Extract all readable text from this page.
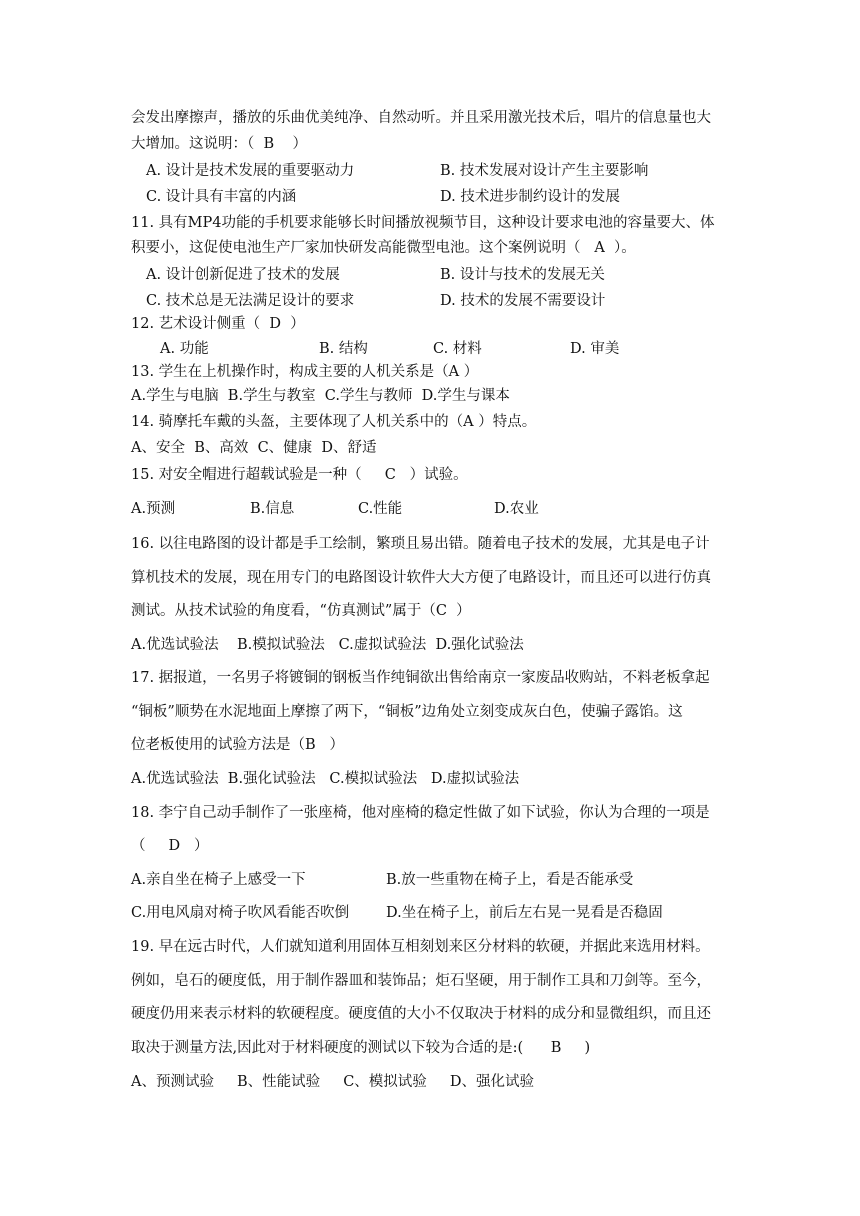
会发出摩擦声，播放的乐曲优美纯净、自然动听。并且采用激光技术后，唱片的信息量也大
大增加。这说明：（  B    ）
A. 设计是技术发展的重要驱动力	B. 技术发展对设计产生主要影响
C. 设计具有丰富的内涵	D. 技术进步制约设计的发展
11. 具有MP4功能的手机要求能够长时间播放视频节目，这种设计要求电池的容量要大、体
积要小，这促使电池生产厂家加快研发高能微型电池。这个案例说明（   A  ）。
A. 设计创新促进了技术的发展	B. 设计与技术的发展无关
C. 技术总是无法满足设计的要求	D. 技术的发展不需要设计
12. 艺术设计侧重（  D  ）
A. 功能	B. 结构	C. 材料	D. 审美
13. 学生在上机操作时，构成主要的人机关系是（A ）
A.学生与电脑  B.学生与教室  C.学生与教师  D.学生与课本
14. 骑摩托车戴的头盔，主要体现了人机关系中的（A ）特点。
A、安全  B、高效  C、健康  D、舒适
15. 对安全帽进行超载试验是一种（     C   ）试验。
A.预测	B.信息	C.性能	D.农业
16. 以往电路图的设计都是手工绘制，繁琐且易出错。随着电子技术的发展，尤其是电子计
算机技术的发展，现在用专门的电路图设计软件大大方便了电路设计，而且还可以进行仿真
测试。从技术试验的角度看，“仿真测试”属于（C  ）
A.优选试验法    B.模拟试验法   C.虚拟试验法  D.强化试验法
17. 据报道，一名男子将镀铜的钢板当作纯铜欲出售给南京一家废品收购站，不料老板拿起
“铜板”顺势在水泥地面上摩擦了两下，“铜板”边角处立刻变成灰白色，使骗子露馅。这
位老板使用的试验方法是（B   ）
A.优选试验法  B.强化试验法   C.模拟试验法   D.虚拟试验法
18. 李宁自己动手制作了一张座椅，他对座椅的稳定性做了如下试验，你认为合理的一项是
（     D   ）
A.亲自坐在椅子上感受一下	B.放一些重物在椅子上，看是否能承受
C.用电风扇对椅子吹风看能否吹倒	D.坐在椅子上，前后左右晃一晃看是否稳固
19. 早在远古时代，人们就知道利用固体互相刻划来区分材料的软硬，并据此来选用材料。
例如，皂石的硬度低，用于制作器皿和装饰品；炬石坚硬，用于制作工具和刀剑等。至今，
硬度仍用来表示材料的软硬程度。硬度值的大小不仅取决于材料的成分和显微组织，而且还
取决于测量方法,因此对于材料硬度的测试以下较为合适的是:(      B     )
A、预测试验     B、性能试验     C、模拟试验     D、强化试验
